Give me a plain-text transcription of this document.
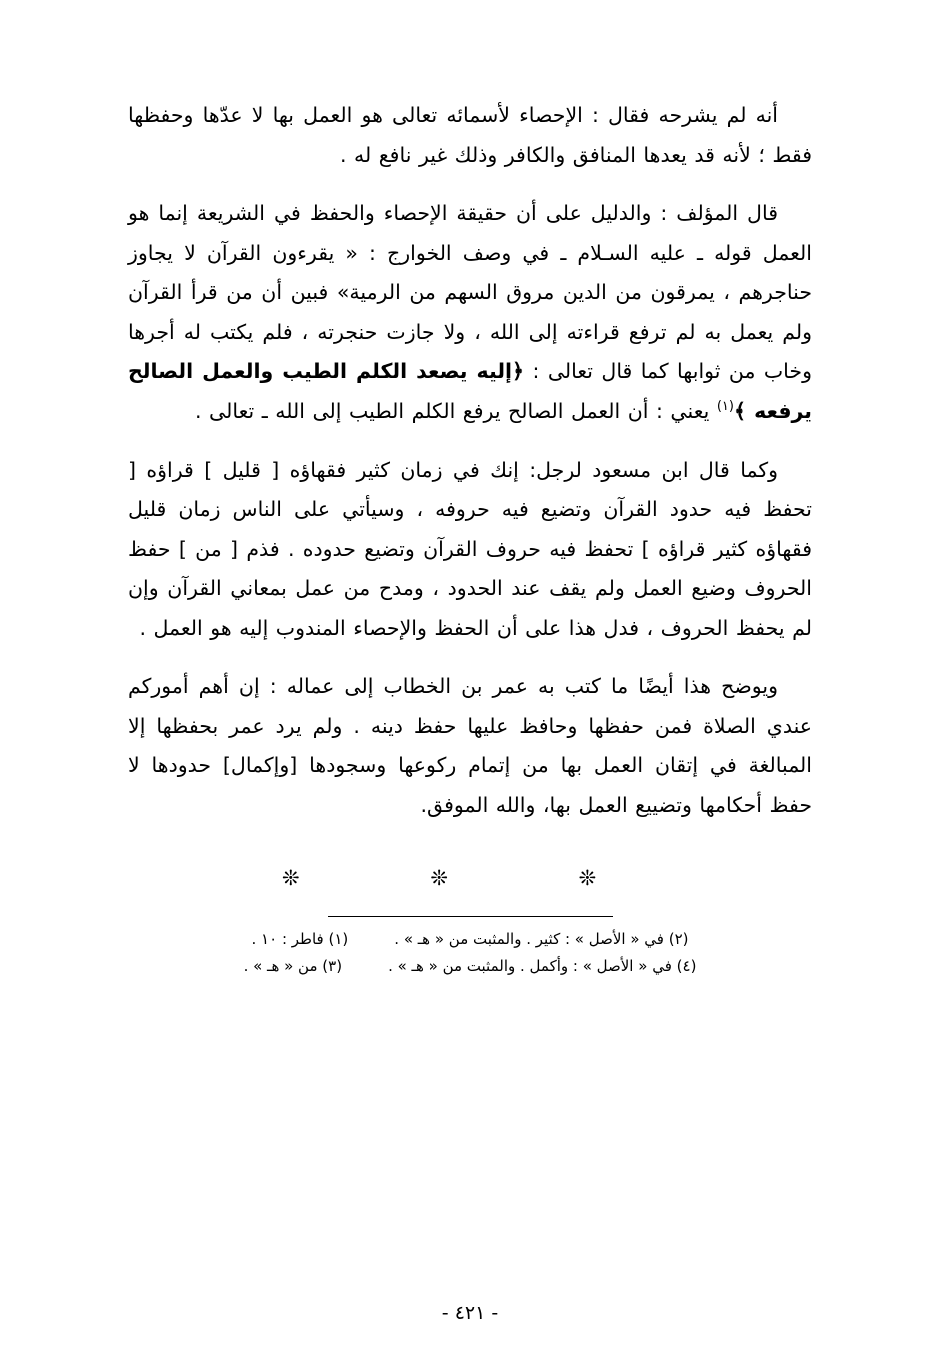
أنه لم يشرحه فقال : الإحصاء لأسمائه تعالى هو العمل بها لا عدّها وحفظها فقط ؛ لأنه قد يعدها المنافق والكافر وذلك غير نافع له .

قال المؤلف : والدليل على أن حقيقة الإحصاء والحفظ في الشريعة إنما هو العمل قوله ـ عليه السـلام ـ في وصف الخوارج : « يقرءون القرآن لا يجاوز حناجرهم ، يمرقون من الدين مروق السهم من الرمية» فبين أن من قرأ القرآن ولم يعمل به لم ترفع قراءته إلى الله ، ولا جازت حنجرته ، فلم يكتب له أجرها وخاب من ثوابها كما قال تعالى : ﴿إليه يصعد الكلم الطيب والعمل الصالح يرفعه ﴾$^{(١)}$ يعني : أن العمل الصالح يرفع الكلم الطيب إلى الله ـ تعالى .

وكما قال ابن مسعود لرجل: إنك في زمان كثير فقهاؤه [ قليل ]‍ قراؤه [ تحفظ فيه حدود القرآن وتضيع فيه حروفه ، وسيأتي على الناس زمان قليل فقهاؤه كثير قراؤه ] تحفظ فيه حروف القرآن وتضيع حدوده . فذم [ من ] حفظ الحروف وضيع العمل ولم يقف عند الحدود ، ومدح من عمل بمعاني القرآن وإن لم يحفظ الحروف ، فدل هذا على أن الحفظ والإحصاء المندوب إليه هو العمل .

ويوضح هذا أيضًا ما كتب به عمر بن الخطاب إلى عماله : إن أهم أموركم عندي الصلاة فمن حفظها وحافظ عليها حفظ دينه . ولم يرد عمر بحفظها إلا المبالغة في إتقان العمل بها من إتمام ركوعها وسجودها [وإكمال] حدودها لا حفظ أحكامها وتضييع العمل بها، والله الموفق.

❊ ❊ ❊
(٢) في « الأصل » : كثير . والمثبت من « هـ » .
(١) فاطر : ١٠ .
(٤) في « الأصل » : وأكمل . والمثبت من « هـ » .
(٣) من « هـ » .
- ٤٢١ -
